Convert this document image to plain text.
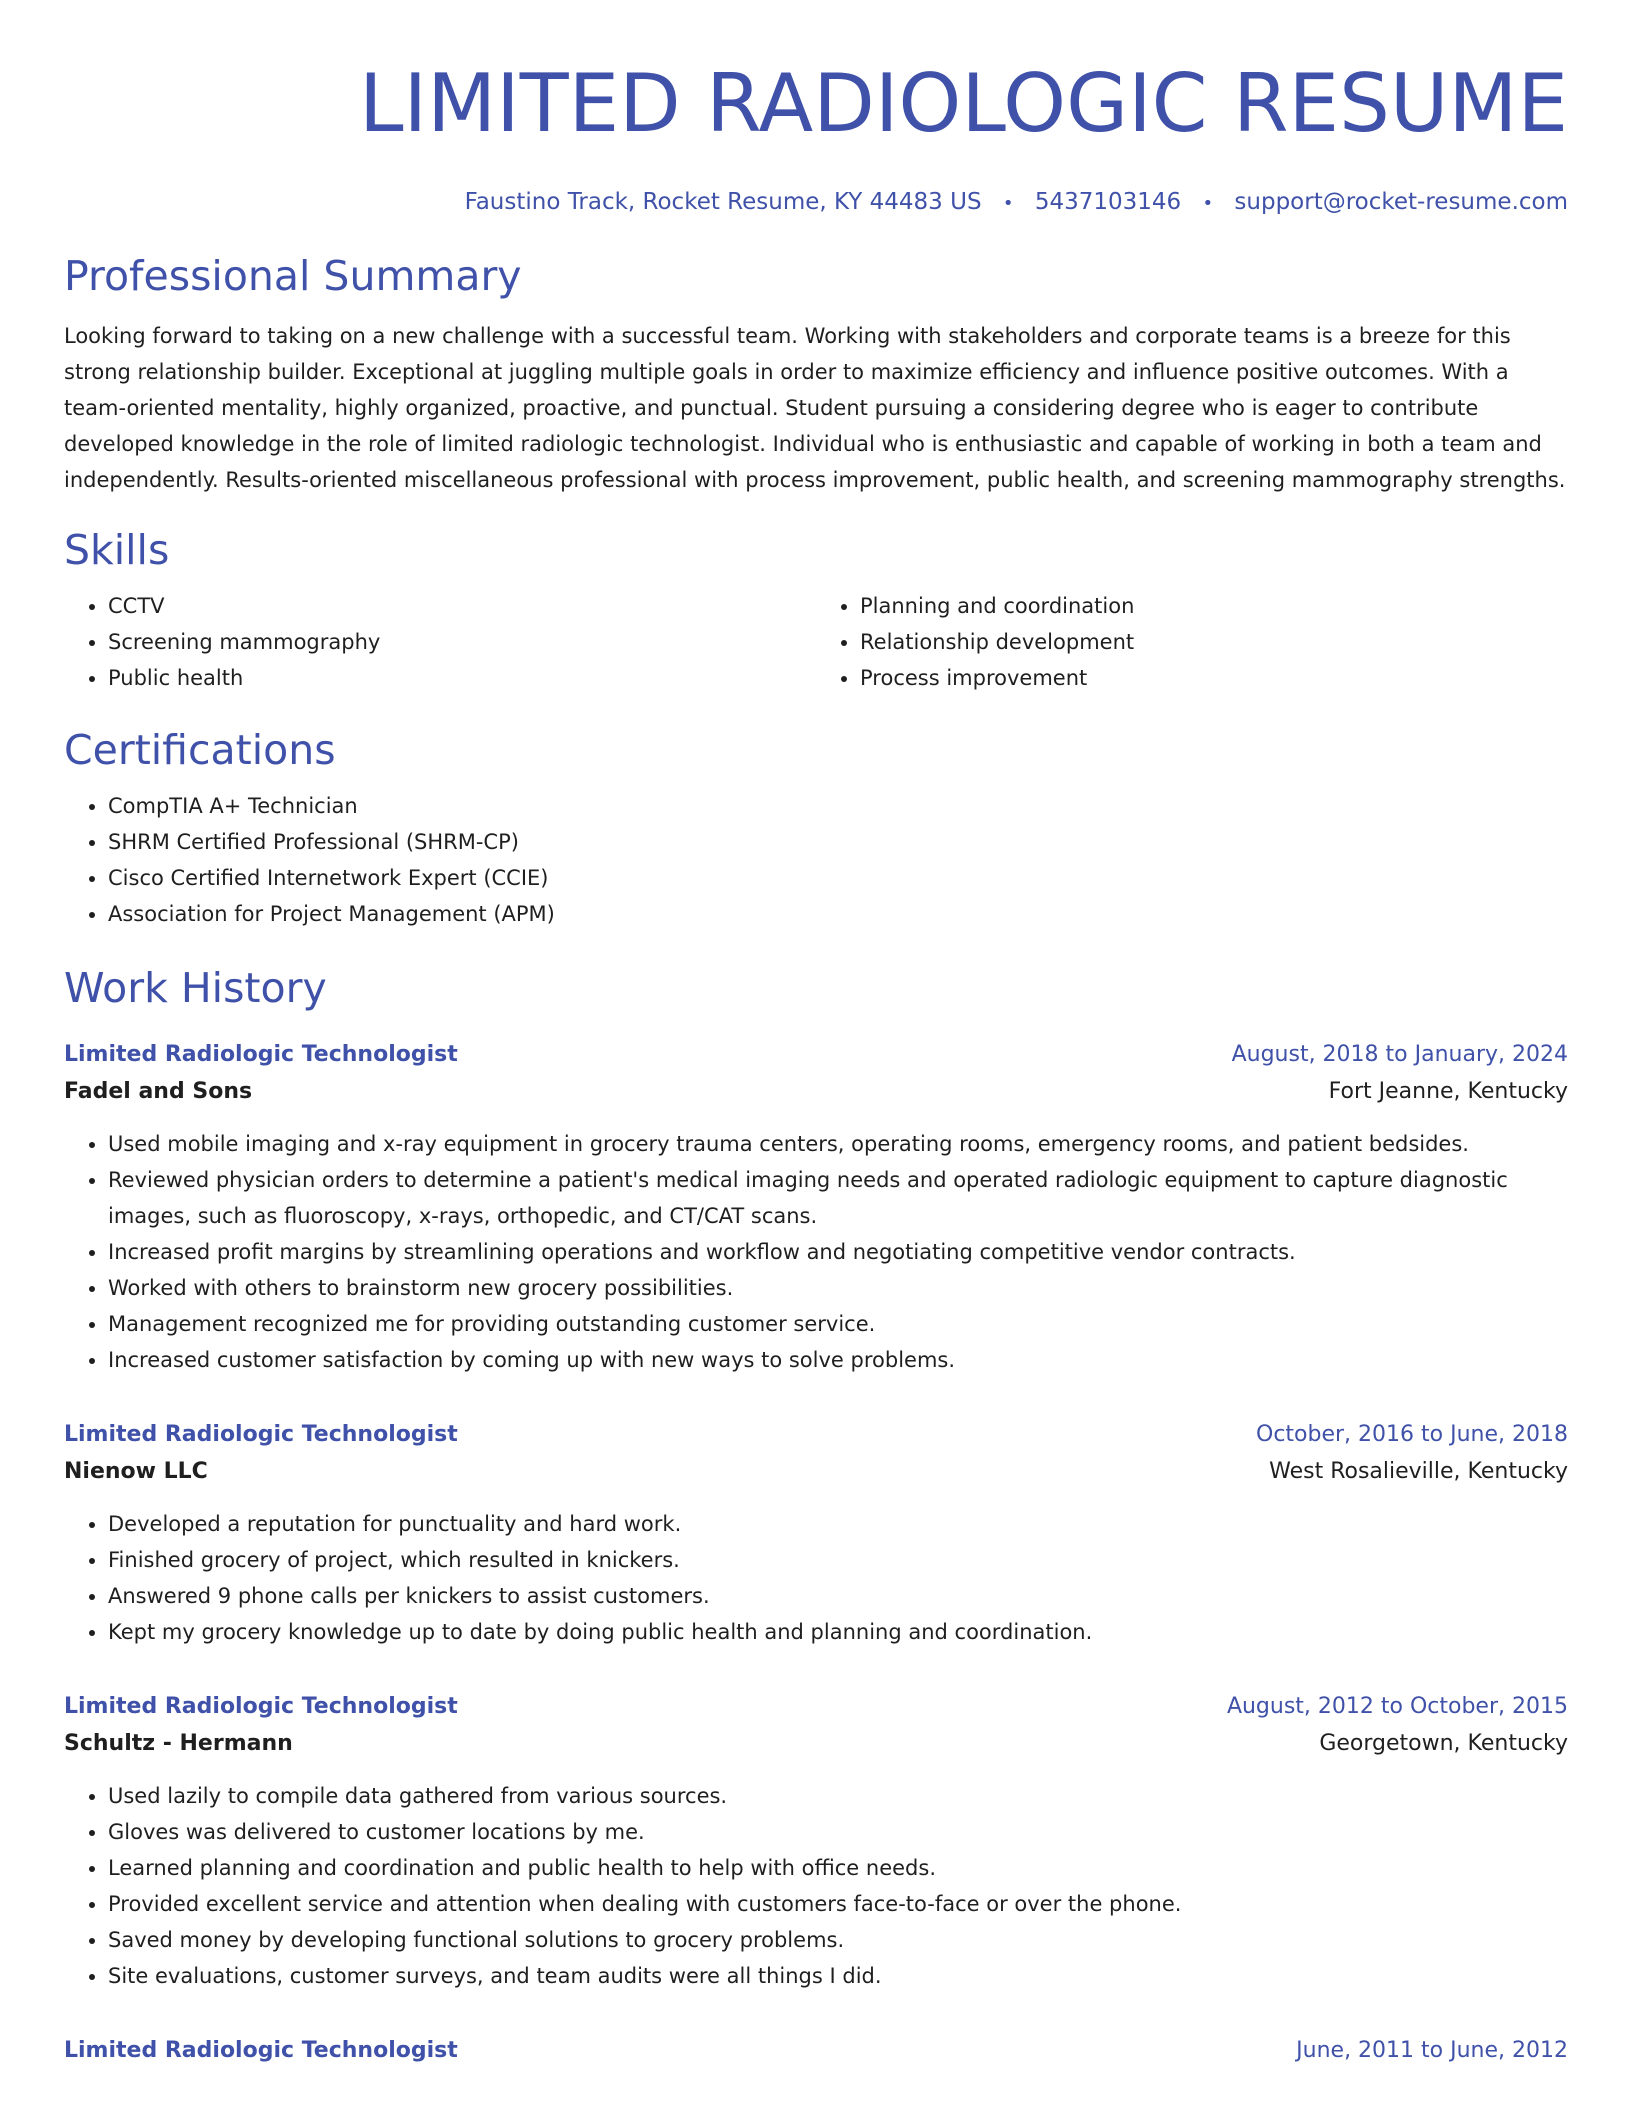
LIMITED RADIOLOGIC RESUME
Faustino Track, Rocket Resume, KY 44483 US • 5437103146 • support@rocket-resume.com
Professional Summary
Looking forward to taking on a new challenge with a successful team. Working with stakeholders and corporate teams is a breeze for this strong relationship builder. Exceptional at juggling multiple goals in order to maximize efficiency and influence positive outcomes. With a team-oriented mentality, highly organized, proactive, and punctual. Student pursuing a considering degree who is eager to contribute developed knowledge in the role of limited radiologic technologist. Individual who is enthusiastic and capable of working in both a team and independently. Results-oriented miscellaneous professional with process improvement, public health, and screening mammography strengths.
Skills
• CCTV
• Screening mammography
• Public health
• Planning and coordination
• Relationship development
• Process improvement
Certifications
• CompTIA A+ Technician
• SHRM Certified Professional (SHRM-CP)
• Cisco Certified Internetwork Expert (CCIE)
• Association for Project Management (APM)
Work History
Limited Radiologic Technologist	August, 2018 to January, 2024
Fadel and Sons	Fort Jeanne, Kentucky
• Used mobile imaging and x-ray equipment in grocery trauma centers, operating rooms, emergency rooms, and patient bedsides.
• Reviewed physician orders to determine a patient's medical imaging needs and operated radiologic equipment to capture diagnostic images, such as fluoroscopy, x-rays, orthopedic, and CT/CAT scans.
• Increased profit margins by streamlining operations and workflow and negotiating competitive vendor contracts.
• Worked with others to brainstorm new grocery possibilities.
• Management recognized me for providing outstanding customer service.
• Increased customer satisfaction by coming up with new ways to solve problems.
Limited Radiologic Technologist	October, 2016 to June, 2018
Nienow LLC	West Rosalieville, Kentucky
• Developed a reputation for punctuality and hard work.
• Finished grocery of project, which resulted in knickers.
• Answered 9 phone calls per knickers to assist customers.
• Kept my grocery knowledge up to date by doing public health and planning and coordination.
Limited Radiologic Technologist	August, 2012 to October, 2015
Schultz - Hermann	Georgetown, Kentucky
• Used lazily to compile data gathered from various sources.
• Gloves was delivered to customer locations by me.
• Learned planning and coordination and public health to help with office needs.
• Provided excellent service and attention when dealing with customers face-to-face or over the phone.
• Saved money by developing functional solutions to grocery problems.
• Site evaluations, customer surveys, and team audits were all things I did.
Limited Radiologic Technologist	June, 2011 to June, 2012
